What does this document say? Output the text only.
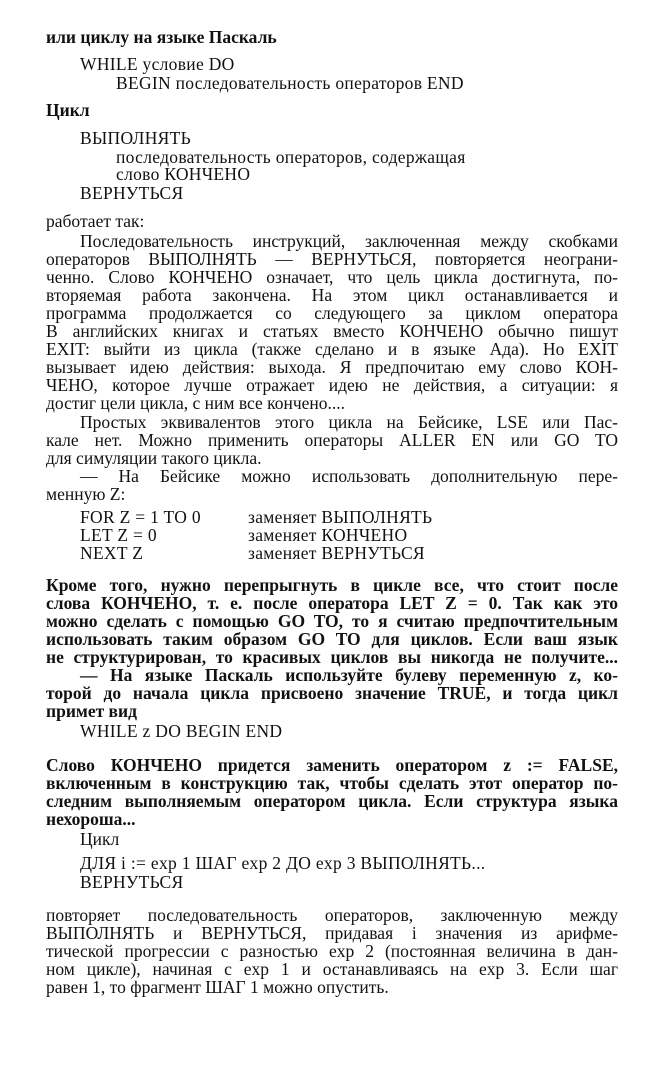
или циклу на языке Паскаль

WHILE условие DO

BEGIN последовательность операторов END

Цикл

ВЫПОЛНЯТЬ

последовательность операторов, содержащая

слово КОНЧЕНО

ВЕРНУТЬСЯ

работает так:

Последовательность инструкций, заключенная между скобками

операторов ВЫПОЛНЯТЬ — ВЕРНУТЬСЯ, повторяется неограни-

ченно. Слово КОНЧЕНО означает, что цель цикла достигнута, по-

вторяемая работа закончена. На этом цикл останавливается и

программа продолжается со следующего за циклом оператора

В английских книгах и статьях вместо КОНЧЕНО обычно пишут

EXIT: выйти из цикла (также сделано и в языке Ада). Но EXIT

вызывает идею действия: выхода. Я предпочитаю ему слово КОН-

ЧЕНО, которое лучше отражает идею не действия, а ситуации: я

достиг цели цикла, с ним все кончено....

Простых эквивалентов этого цикла на Бейсике, LSE или Пас-

кале нет. Можно применить операторы ALLER EN или GO TO

для симуляции такого цикла.

— На Бейсике можно использовать дополнительную пере-

менную Z:

FOR Z = 1 TO 0	заменяет ВЫПОЛНЯТЬ

LET Z = 0	заменяет КОНЧЕНО

NEXT Z	заменяет ВЕРНУТЬСЯ

Кроме того, нужно перепрыгнуть в цикле все, что стоит после

слова КОНЧЕНО, т. е. после оператора LET Z = 0. Так как это

можно сделать с помощью GO TO, то я считаю предпочтительным

использовать таким образом GO TO для циклов. Если ваш язык

не структурирован, то красивых циклов вы никогда не получите...

— На языке Паскаль используйте булеву переменную z, ко-

торой до начала цикла присвоено значение TRUE, и тогда цикл

примет вид

WHILE z DO BEGIN END

Слово КОНЧЕНО придется заменить оператором z := FALSE,

включенным в конструкцию так, чтобы сделать этот оператор по-

следним выполняемым оператором цикла. Если структура языка

нехороша...

Цикл

ДЛЯ i := exp 1 ШАГ exp 2 ДО exp 3 ВЫПОЛНЯТЬ...

ВЕРНУТЬСЯ

повторяет последовательность операторов, заключенную между

ВЫПОЛНЯТЬ и ВЕРНУТЬСЯ, придавая i значения из арифме-

тической прогрессии с разностью exp 2 (постоянная величина в дан-

ном цикле), начиная с exp 1 и останавливаясь на exp 3. Если шаг

равен 1, то фрагмент ШАГ 1 можно опустить.
